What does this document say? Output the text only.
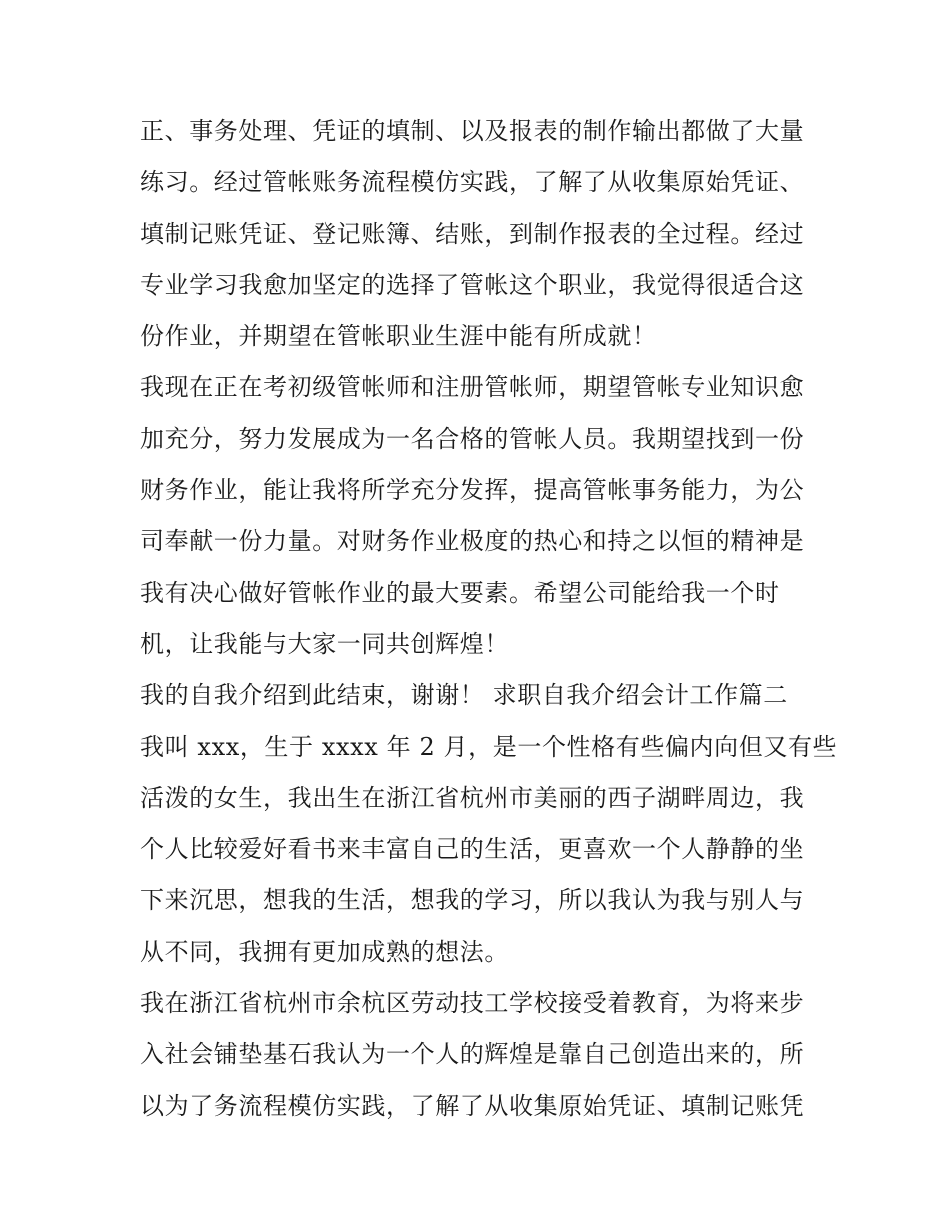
正、事务处理、凭证的填制、以及报表的制作输出都做了大量
练习。经过管帐账务流程模仿实践，了解了从收集原始凭证、
填制记账凭证、登记账簿、结账，到制作报表的全过程。经过
专业学习我愈加坚定的选择了管帐这个职业，我觉得很适合这
份作业，并期望在管帐职业生涯中能有所成就！
我现在正在考初级管帐师和注册管帐师，期望管帐专业知识愈
加充分，努力发展成为一名合格的管帐人员。我期望找到一份
财务作业，能让我将所学充分发挥，提高管帐事务能力，为公
司奉献一份力量。对财务作业极度的热心和持之以恒的精神是
我有决心做好管帐作业的最大要素。希望公司能给我一个时
机，让我能与大家一同共创辉煌！
我的自我介绍到此结束，谢谢！ 求职自我介绍会计工作篇二
我叫 xxx，生于 xxxx 年 2 月，是一个性格有些偏内向但又有些
活泼的女生，我出生在浙江省杭州市美丽的西子湖畔周边，我
个人比较爱好看书来丰富自己的生活，更喜欢一个人静静的坐
下来沉思，想我的生活，想我的学习，所以我认为我与别人与
从不同，我拥有更加成熟的想法。
我在浙江省杭州市余杭区劳动技工学校接受着教育，为将来步
入社会铺垫基石我认为一个人的辉煌是靠自己创造出来的，所
以为了务流程模仿实践，了解了从收集原始凭证、填制记账凭
